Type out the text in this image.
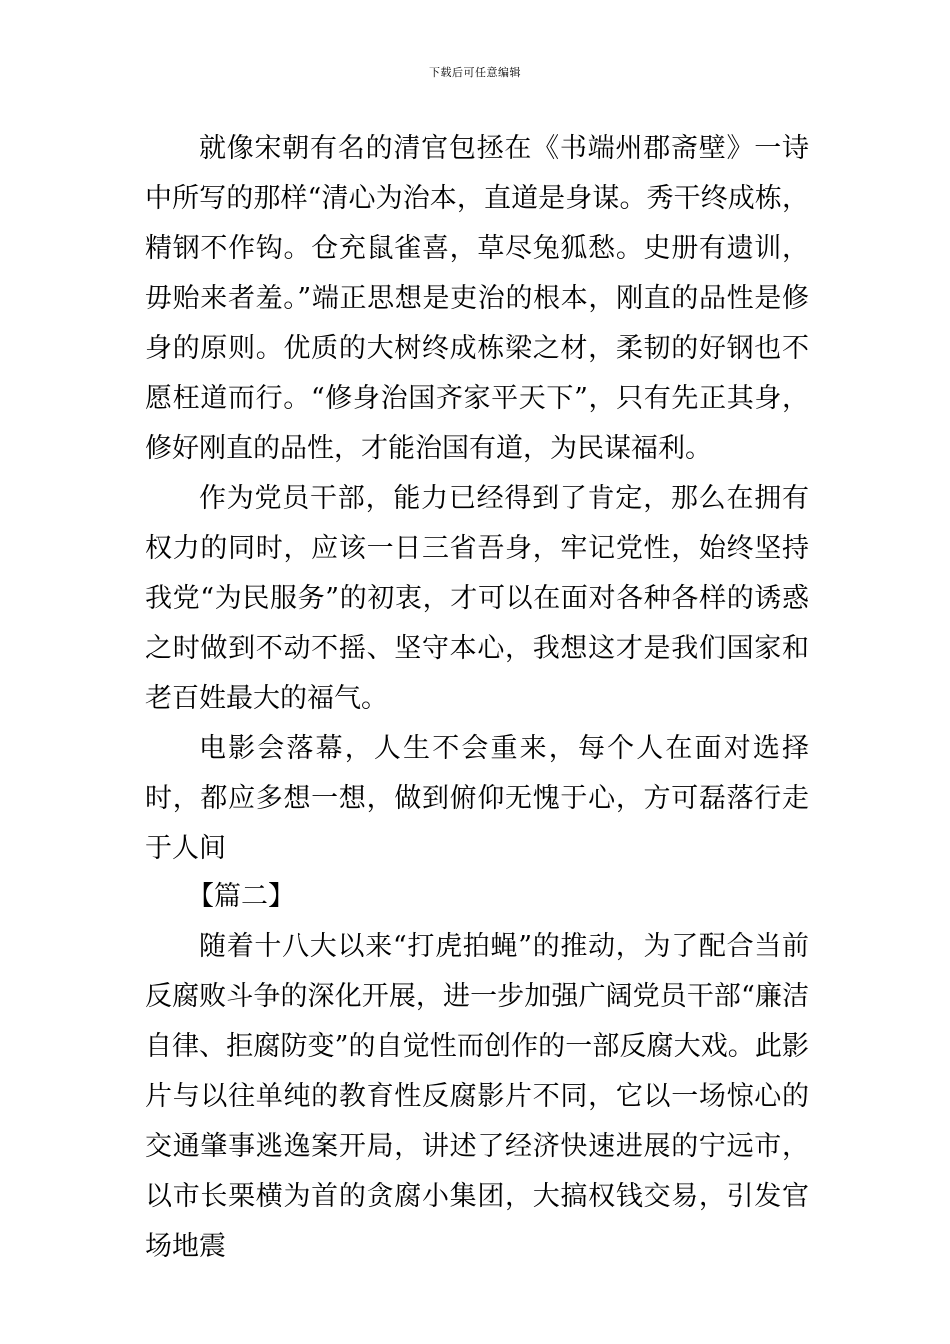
下载后可任意编辑

就像宋朝有名的清官包拯在《书端州郡斋壁》一诗中所写的那样“清心为治本，直道是身谋。秀干终成栋，精钢不作钩。仓充鼠雀喜，草尽兔狐愁。史册有遗训，毋贻来者羞。”端正思想是吏治的根本，刚直的品性是修身的原则。优质的大树终成栋梁之材，柔韧的好钢也不愿枉道而行。“修身治国齐家平天下”，只有先正其身，修好刚直的品性，才能治国有道，为民谋福利。

作为党员干部，能力已经得到了肯定，那么在拥有权力的同时，应该一日三省吾身，牢记党性，始终坚持我党“为民服务”的初衷，才可以在面对各种各样的诱惑之时做到不动不摇、坚守本心，我想这才是我们国家和老百姓最大的福气。

电影会落幕，人生不会重来，每个人在面对选择时，都应多想一想，做到俯仰无愧于心，方可磊落行走于人间

【篇二】

随着十八大以来“打虎拍蝇”的推动，为了配合当前反腐败斗争的深化开展，进一步加强广阔党员干部“廉洁自律、拒腐防变”的自觉性而创作的一部反腐大戏。此影片与以往单纯的教育性反腐影片不同，它以一场惊心的交通肇事逃逸案开局，讲述了经济快速进展的宁远市，以市长栗横为首的贪腐小集团，大搞权钱交易，引发官场地震
